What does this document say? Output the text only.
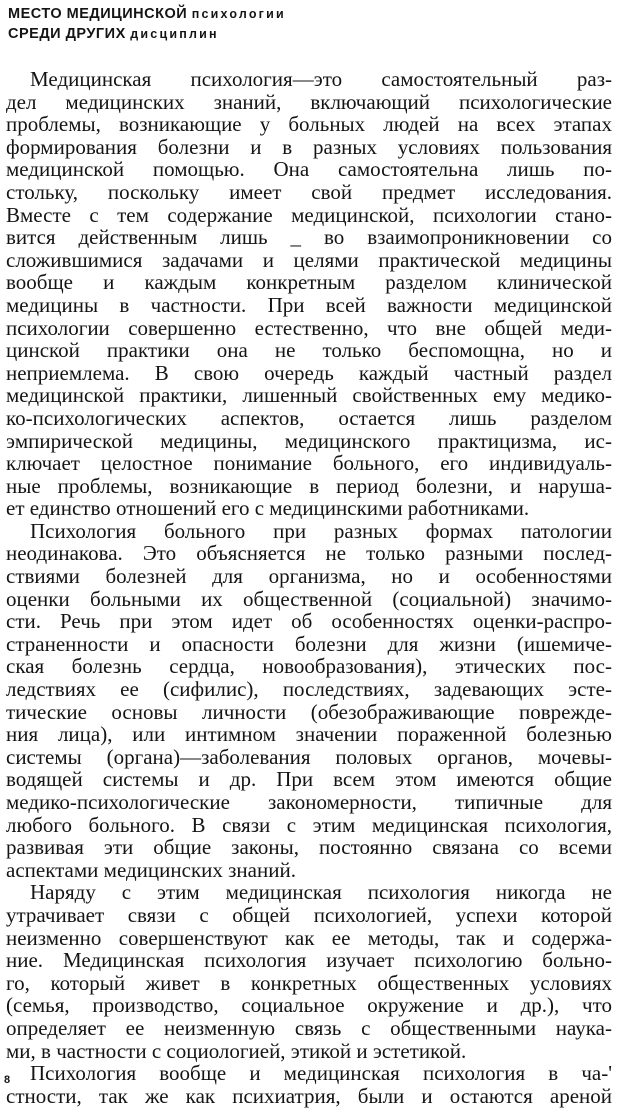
МЕСТО МЕДИЦИНСКОЙ психологии
СРЕДИ ДРУГИХ дисциплин
Медицинская психология—это самостоятельный раз-
дел медицинских знаний, включающий психологические
проблемы, возникающие у больных людей на всех этапах
формирования болезни и в разных условиях пользования
медицинской помощью. Она самостоятельна лишь по-
стольку, поскольку имеет свой предмет исследования.
Вместе с тем содержание медицинской, психологии стано-
вится действенным лишь _ во взаимопроникновении со
сложившимися задачами и целями практической медицины
вообще и каждым конкретным разделом клинической
медицины в частности. При всей важности медицинской
психологии совершенно естественно, что вне общей меди-
цинской практики она не только беспомощна, но и
неприемлема. В свою очередь каждый частный раздел
медицинской практики, лишенный свойственных ему медико-
ко-психологических аспектов, остается лишь разделом
эмпирической медицины, медицинского практицизма, ис-
ключает целостное понимание больного, его индивидуаль-
ные проблемы, возникающие в период болезни, и наруша-
ет единство отношений его с медицинскими работниками.
Психология больного при разных формах патологии
неодинакова. Это объясняется не только разными послед-
ствиями болезней для организма, но и особенностями
оценки больными их общественной (социальной) значимо-
сти. Речь при этом идет об особенностях оценки-распро-
страненности и опасности болезни для жизни (ишемиче-
ская болезнь сердца, новообразования), этических пос-
ледствиях ее (сифилис), последствиях, задевающих эсте-
тические основы личности (обезображивающие поврежде-
ния лица), или интимном значении пораженной болезнью
системы (органа)—заболевания половых органов, мочевы-
водящей системы и др. При всем этом имеются общие
медико-психологические закономерности, типичные для
любого больного. В связи с этим медицинская психология,
развивая эти общие законы, постоянно связана со всеми
аспектами медицинских знаний.
Наряду с этим медицинская психология никогда не
утрачивает связи с общей психологией, успехи которой
неизменно совершенствуют как ее методы, так и содержа-
ние. Медицинская психология изучает психологию больно-
го, который живет в конкретных общественных условиях
(семья, производство, социальное окружение и др.), что
определяет ее неизменную связь с общественными наука-
ми, в частности с социологией, этикой и эстетикой.
Психология вообще и медицинская психология в ча-'
стности, так же как психиатрия, были и остаются ареной
8
